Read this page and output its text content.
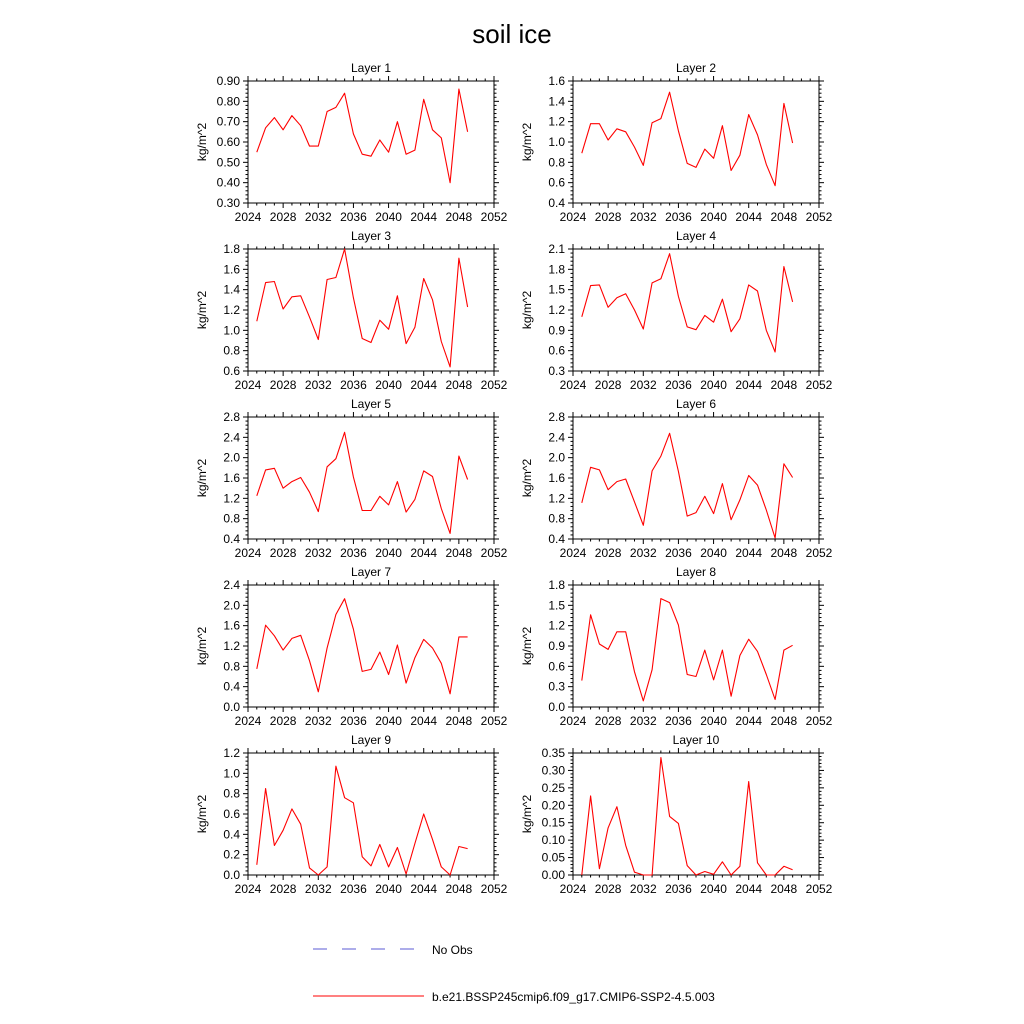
soil ice
2024 2028 2032 2036 2040 2044 2048 2052
0.30
0.40
0.50
0.60
0.70
0.80
0.90
Layer 1
kg/m^2
2024 2028 2032 2036 2040 2044 2048 2052
0.4
0.6
0.8
1.0
1.2
1.4
1.6
Layer 2
kg/m^2
2024 2028 2032 2036 2040 2044 2048 2052
0.6
0.8
1.0
1.2
1.4
1.6
1.8
Layer 3
kg/m^2
2024 2028 2032 2036 2040 2044 2048 2052
0.3
0.6
0.9
1.2
1.5
1.8
2.1
Layer 4
kg/m^2
2024 2028 2032 2036 2040 2044 2048 2052
0.4
0.8
1.2
1.6
2.0
2.4
2.8
Layer 5
kg/m^2
2024 2028 2032 2036 2040 2044 2048 2052
0.4
0.8
1.2
1.6
2.0
2.4
2.8
Layer 6
kg/m^2
2024 2028 2032 2036 2040 2044 2048 2052
0.0
0.4
0.8
1.2
1.6
2.0
2.4
Layer 7
kg/m^2
2024 2028 2032 2036 2040 2044 2048 2052
0.0
0.3
0.6
0.9
1.2
1.5
1.8
Layer 8
kg/m^2
2024 2028 2032 2036 2040 2044 2048 2052
0.0
0.2
0.4
0.6
0.8
1.0
1.2
Layer 9
kg/m^2
2024 2028 2032 2036 2040 2044 2048 2052
0.00
0.05
0.10
0.15
0.20
0.25
0.30
0.35
Layer 10
kg/m^2
No Obs
b.e21.BSSP245cmip6.f09_g17.CMIP6-SSP2-4.5.003
